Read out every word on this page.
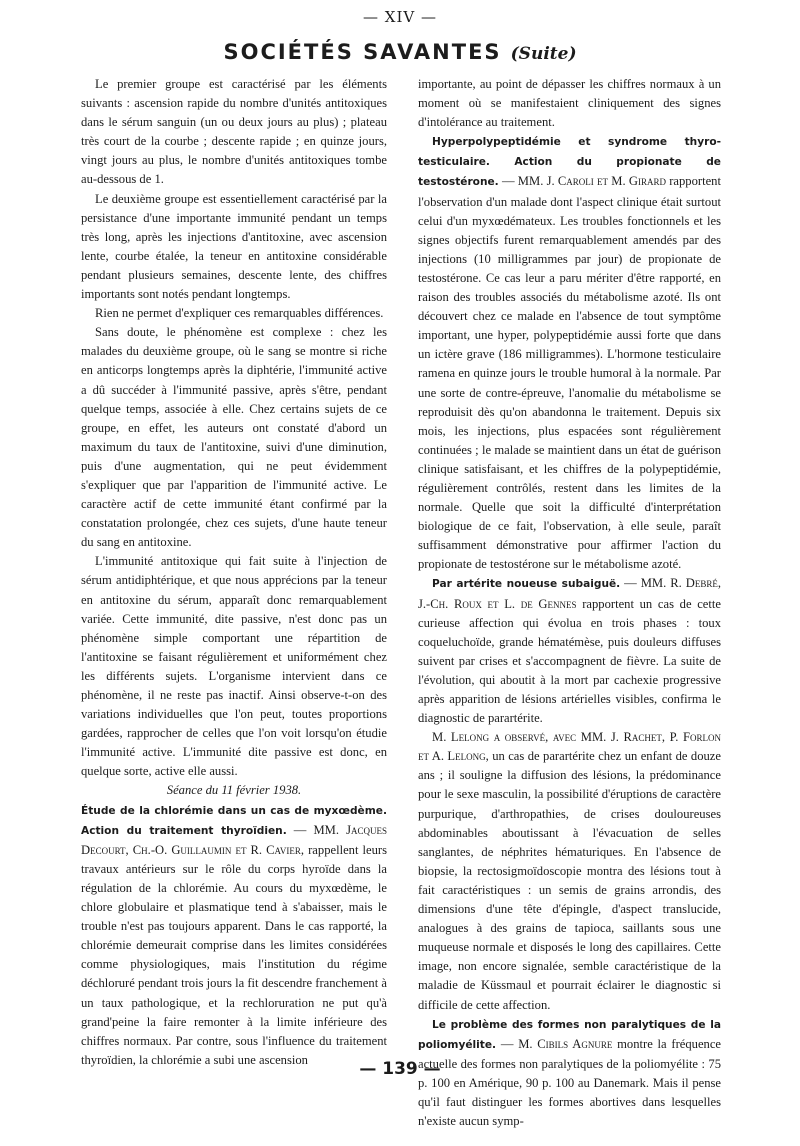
— XIV —
SOCIÉTÉS SAVANTES (Suite)

Le premier groupe est caractérisé par les éléments suivants : ascension rapide du nombre d'unités antitoxiques dans le sérum sanguin (un ou deux jours au plus) ; plateau très court de la courbe ; descente rapide ; en quinze jours, vingt jours au plus, le nombre d'unités antitoxiques tombe au-dessous de 1.

Le deuxième groupe est essentiellement caractérisé par la persistance d'une importante immunité pendant un temps très long, après les injections d'antitoxine, avec ascension lente, courbe étalée, la teneur en antitoxine considérable pendant plusieurs semaines, descente lente, des chiffres importants sont notés pendant longtemps.

Rien ne permet d'expliquer ces remarquables différences.

Sans doute, le phénomène est complexe : chez les malades du deuxième groupe, où le sang se montre si riche en anticorps longtemps après la diphtérie, l'immunité active a dû succéder à l'immunité passive, après s'être, pendant quelque temps, associée à elle. Chez certains sujets de ce groupe, en effet, les auteurs ont constaté d'abord un maximum du taux de l'antitoxine, suivi d'une diminution, puis d'une augmentation, qui ne peut évidemment s'expliquer que par l'apparition de l'immunité active. Le caractère actif de cette immunité étant confirmé par la constatation prolongée, chez ces sujets, d'une haute teneur du sang en antitoxine.

L'immunité antitoxique qui fait suite à l'injection de sérum antidiphtérique, et que nous apprécions par la teneur en antitoxine du sérum, apparaît donc remarquablement variée. Cette immunité, dite passive, n'est donc pas un phénomène simple comportant une répartition de l'antitoxine se faisant régulièrement et uniformément chez les différents sujets. L'organisme intervient dans ce phénomène, il ne reste pas inactif. Ainsi observe-t-on des variations individuelles que l'on peut, toutes proportions gardées, rapprocher de celles que l'on voit lorsqu'on étudie l'immunité active. L'immunité dite passive est donc, en quelque sorte, active elle aussi.

Séance du 11 février 1938.

Étude de la chlorémie dans un cas de myxœdème. Action du traitement thyroïdien. — MM. Jacques Decourt, Ch.-O. Guillaumin et R. Cavier, rappellent leurs travaux antérieurs sur le rôle du corps hyroïde dans la régulation de la chlorémie. Au cours du myxœdème, le chlore globulaire et plasmatique tend à s'abaisser, mais le trouble n'est pas toujours apparent. Dans le cas rapporté, la chlorémie demeurait comprise dans les limites considérées comme physiologiques, mais l'institution du régime déchloruré pendant trois jours la fit descendre franchement à un taux pathologique, et la rechloruration ne put qu'à grand'peine la faire remonter à la limite inférieure des chiffres normaux. Par contre, sous l'influence du traitement thyroïdien, la chlorémie a subi une ascension

importante, au point de dépasser les chiffres normaux à un moment où se manifestaient cliniquement des signes d'intolérance au traitement.

Hyperpolypeptidémie et syndrome thyro-testiculaire. Action du propionate de testostérone. — MM. J. Caroli et M. Girard rapportent l'observation d'un malade dont l'aspect clinique était surtout celui d'un myxœdémateux. Les troubles fonctionnels et les signes objectifs furent remarquablement amendés par des injections (10 milligrammes par jour) de propionate de testostérone. Ce cas leur a paru mériter d'être rapporté, en raison des troubles associés du métabolisme azoté. Ils ont découvert chez ce malade en l'absence de tout symptôme important, une hyper, polypeptidémie aussi forte que dans un ictère grave (186 milligrammes). L'hormone testiculaire ramena en quinze jours le trouble humoral à la normale. Par une sorte de contre-épreuve, l'anomalie du métabolisme se reproduisit dès qu'on abandonna le traitement. Depuis six mois, les injections, plus espacées sont régulièrement continuées ; le malade se maintient dans un état de guérison clinique satisfaisant, et les chiffres de la polypeptidémie, régulièrement contrôlés, restent dans les limites de la normale. Quelle que soit la difficulté d'interprétation biologique de ce fait, l'observation, à elle seule, paraît suffisamment démonstrative pour affirmer l'action du propionate de testostérone sur le métabolisme azoté.

Par artérite noueuse subaiguë. — MM. R. Debré, J.-Ch. Roux et L. de Gennes rapportent un cas de cette curieuse affection qui évolua en trois phases : toux coqueluchoïde, grande hématémèse, puis douleurs diffuses suivent par crises et s'accompagnent de fièvre. La suite de l'évolution, qui aboutit à la mort par cachexie progressive après apparition de lésions artérielles visibles, confirma le diagnostic de parartérite.

M. Lelong a observé, avec MM. J. Rachet, P. Forlon et A. Lelong, un cas de parartérite chez un enfant de douze ans ; il souligne la diffusion des lésions, la prédominance pour le sexe masculin, la possibilité d'éruptions de caractère purpurique, d'arthropathies, de crises douloureuses abdominables aboutissant à l'évacuation de selles sanglantes, de néphrites hématuriques. En l'absence de biopsie, la rectosigmoïdoscopie montra des lésions tout à fait caractéristiques : un semis de grains arrondis, des dimensions d'une tête d'épingle, d'aspect translucide, analogues à des grains de tapioca, saillants sous une muqueuse normale et disposés le long des capillaires. Cette image, non encore signalée, semble caractéristique de la maladie de Küssmaul et pourrait éclairer le diagnostic si difficile de cette affection.

Le problème des formes non paralytiques de la poliomyélite. — M. Cibils Agnure montre la fréquence actuelle des formes non paralytiques de la poliomyélite : 75 p. 100 en Amérique, 90 p. 100 au Danemark. Mais il pense qu'il faut distinguer les formes abortives dans lesquelles n'existe aucun symp-

— 139 —
